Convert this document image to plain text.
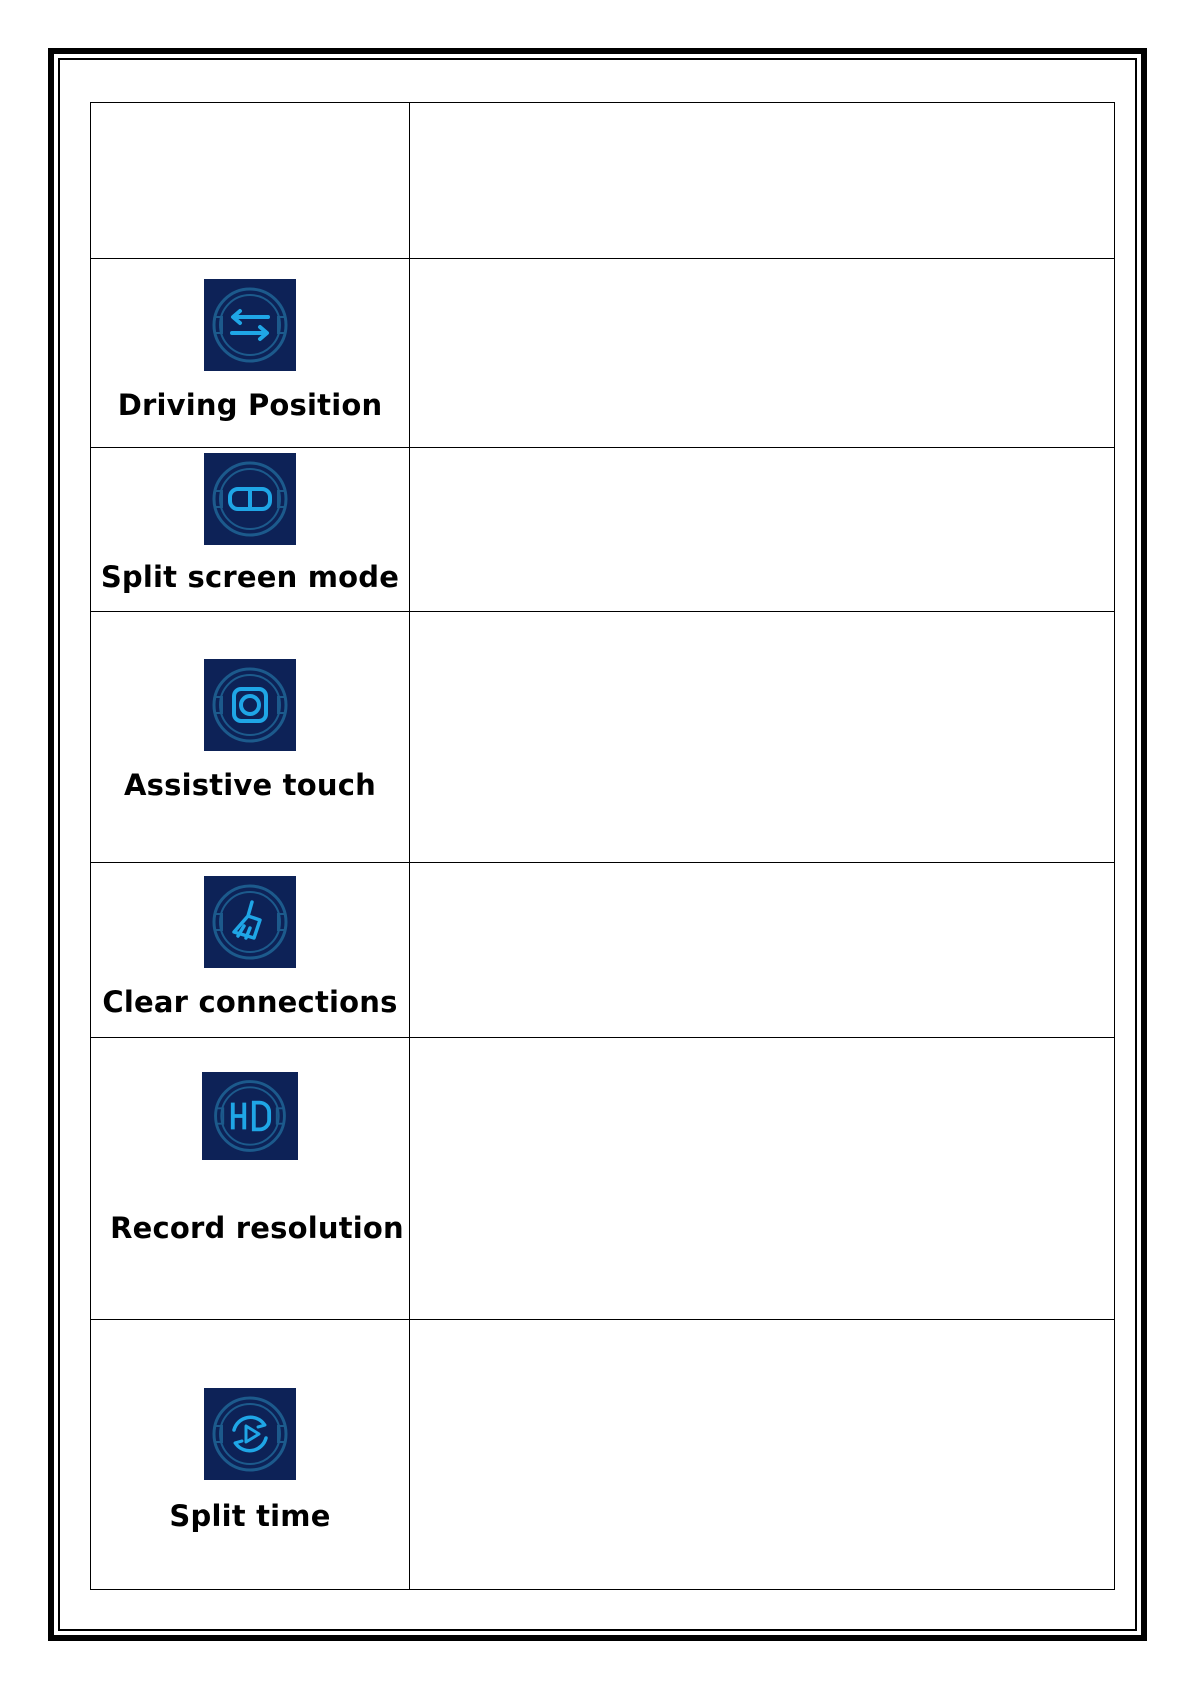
Driving Position	

Split screen mode	

Assistive touch	

Clear connections	

Record resolution	

Split time	
